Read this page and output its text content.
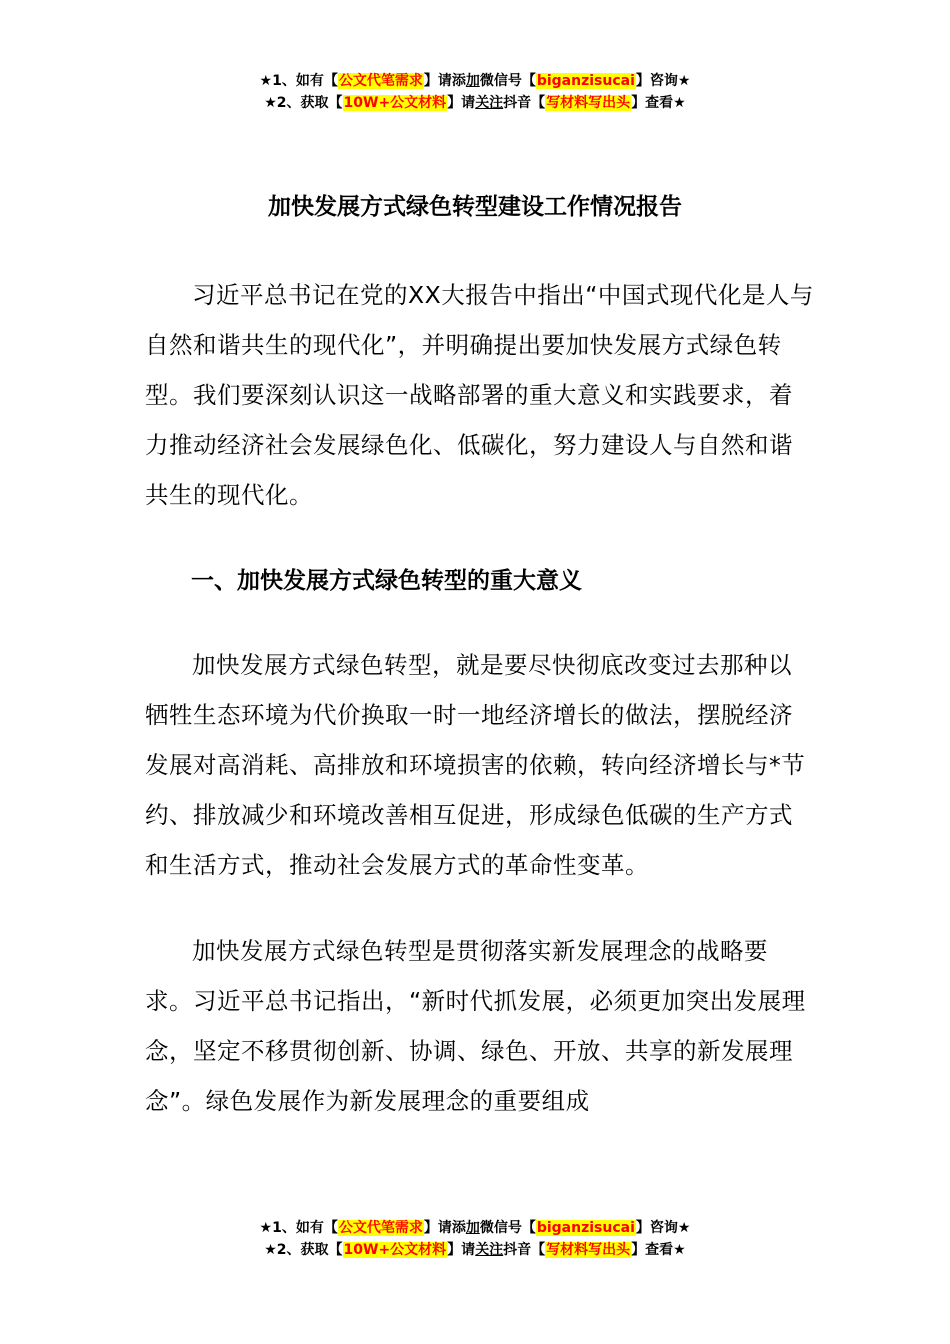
★1、如有【公文代笔需求】请添加微信号【biganzisucai】咨询★
★2、获取【10W+公文材料】请关注抖音【写材料写出头】查看★
加快发展方式绿色转型建设工作情况报告

习近平总书记在党的XX大报告中指出“中国式现代化是人与自然和谐共生的现代化”，并明确提出要加快发展方式绿色转型。我们要深刻认识这一战略部署的重大意义和实践要求，着力推动经济社会发展绿色化、低碳化，努力建设人与自然和谐共生的现代化。

一、加快发展方式绿色转型的重大意义

加快发展方式绿色转型，就是要尽快彻底改变过去那种以牺牲生态环境为代价换取一时一地经济增长的做法，摆脱经济发展对高消耗、高排放和环境损害的依赖，转向经济增长与*节约、排放减少和环境改善相互促进，形成绿色低碳的生产方式和生活方式，推动社会发展方式的革命性变革。

加快发展方式绿色转型是贯彻落实新发展理念的战略要求。习近平总书记指出，“新时代抓发展，必须更加突出发展理念，坚定不移贯彻创新、协调、绿色、开放、共享的新发展理念”。绿色发展作为新发展理念的重要组成

★1、如有【公文代笔需求】请添加微信号【biganzisucai】咨询★
★2、获取【10W+公文材料】请关注抖音【写材料写出头】查看★
